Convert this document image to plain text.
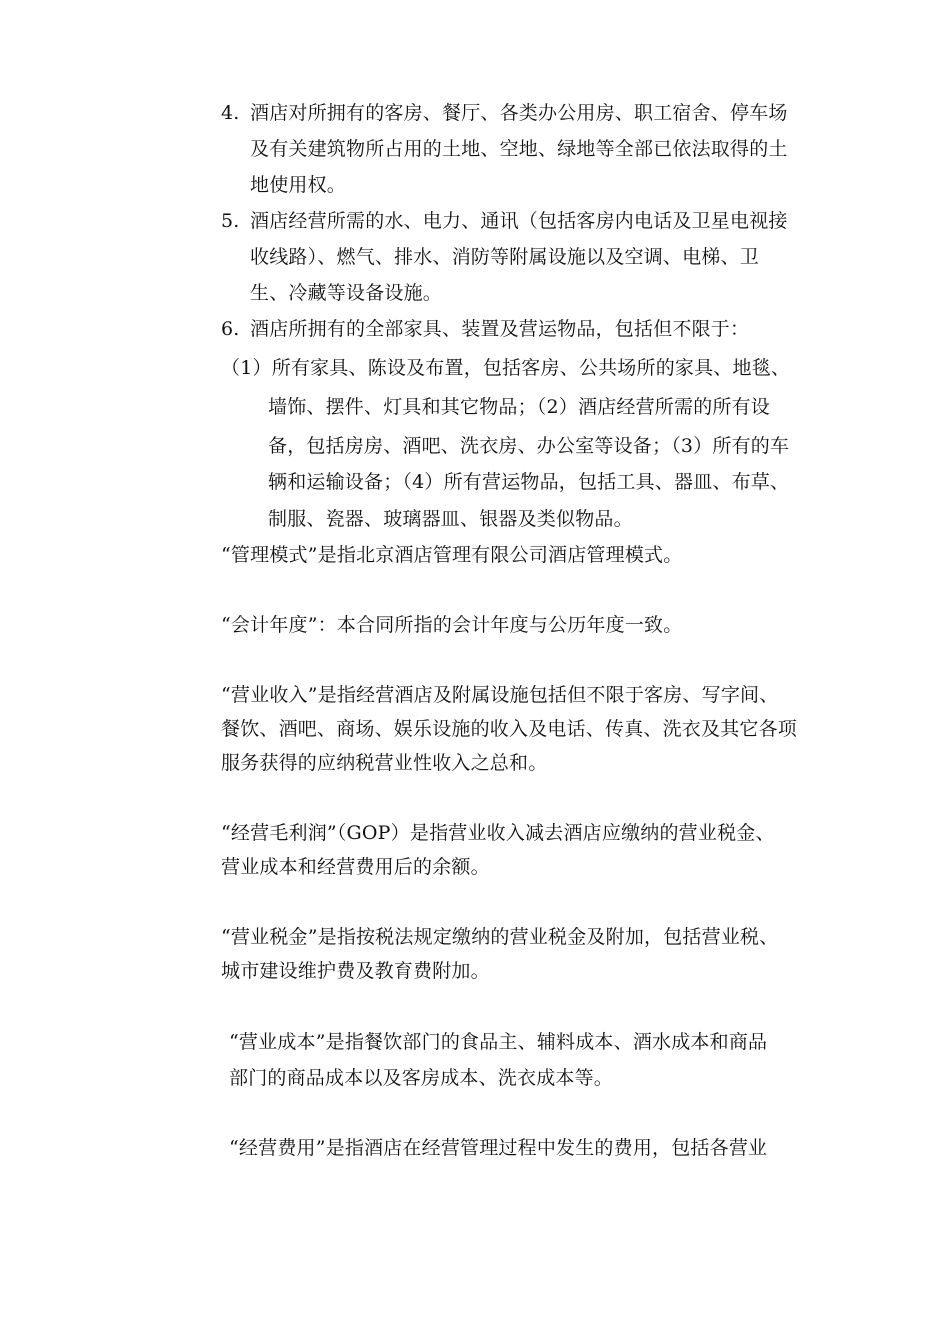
4. 酒店对所拥有的客房、餐厅、各类办公用房、职工宿舍、停车场
及有关建筑物所占用的土地、空地、绿地等全部已依法取得的土
地使用权。
5. 酒店经营所需的水、电力、通讯（包括客房内电话及卫星电视接
收线路）、燃气、排水、消防等附属设施以及空调、电梯、卫
生、冷藏等设备设施。
6. 酒店所拥有的全部家具、装置及营运物品，包括但不限于：
（1）所有家具、陈设及布置，包括客房、公共场所的家具、地毯、
墙饰、摆件、灯具和其它物品；（2）酒店经营所需的所有设
备，包括房房、酒吧、洗衣房、办公室等设备；（3）所有的车
辆和运输设备；（4）所有营运物品，包括工具、器皿、布草、
制服、瓷器、玻璃器皿、银器及类似物品。
“管理模式”是指北京酒店管理有限公司酒店管理模式。
“会计年度”：本合同所指的会计年度与公历年度一致。
“营业收入”是指经营酒店及附属设施包括但不限于客房、写字间、
餐饮、酒吧、商场、娱乐设施的收入及电话、传真、洗衣及其它各项
服务获得的应纳税营业性收入之总和。
“经营毛利润”（GOP）是指营业收入减去酒店应缴纳的营业税金、
营业成本和经营费用后的余额。
“营业税金”是指按税法规定缴纳的营业税金及附加，包括营业税、
城市建设维护费及教育费附加。
“营业成本”是指餐饮部门的食品主、辅料成本、酒水成本和商品
部门的商品成本以及客房成本、洗衣成本等。
“经营费用”是指酒店在经营管理过程中发生的费用，包括各营业
